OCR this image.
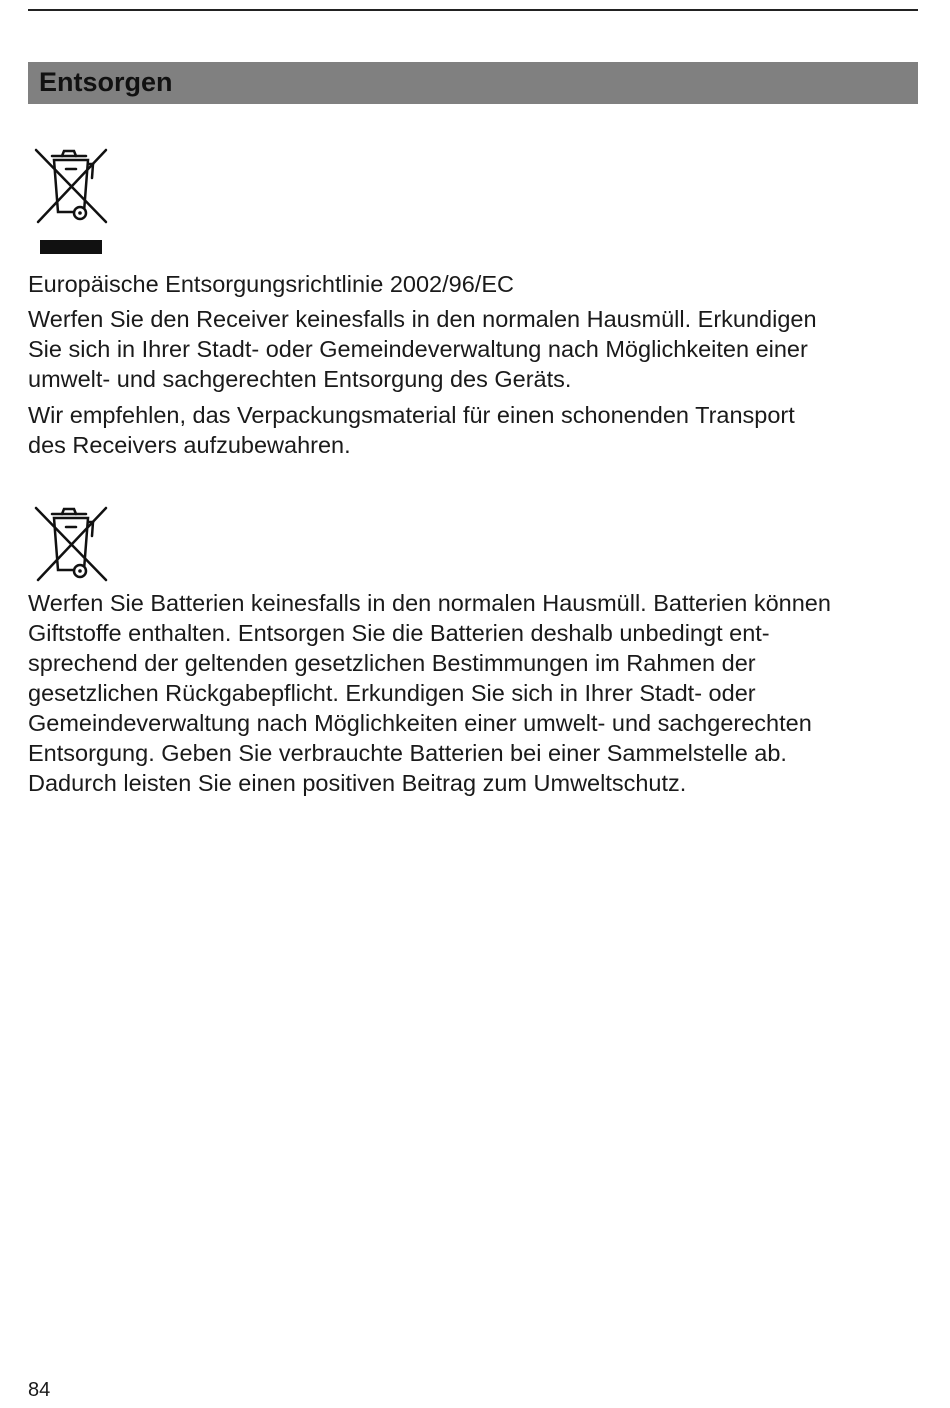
Entsorgen

Europäische Entsorgungsrichtlinie 2002/96/EC

Werfen Sie den Receiver keinesfalls in den normalen Hausmüll. Erkundigen
Sie sich in Ihrer Stadt- oder Gemeindeverwaltung nach Möglichkeiten einer
umwelt- und sachgerechten Entsorgung des Geräts.

Wir empfehlen, das Verpackungsmaterial für einen schonenden Transport
des Receivers aufzubewahren.

Werfen Sie Batterien keinesfalls in den normalen Hausmüll. Batterien können
Giftstoffe enthalten. Entsorgen Sie die Batterien deshalb unbedingt ent-
sprechend der geltenden gesetzlichen Bestimmungen im Rahmen der
gesetzlichen Rückgabepflicht. Erkundigen Sie sich in Ihrer Stadt- oder
Gemeindeverwaltung nach Möglichkeiten einer umwelt- und sachgerechten
Entsorgung. Geben Sie verbrauchte Batterien bei einer Sammelstelle ab.
Dadurch leisten Sie einen positiven Beitrag zum Umweltschutz.

84
